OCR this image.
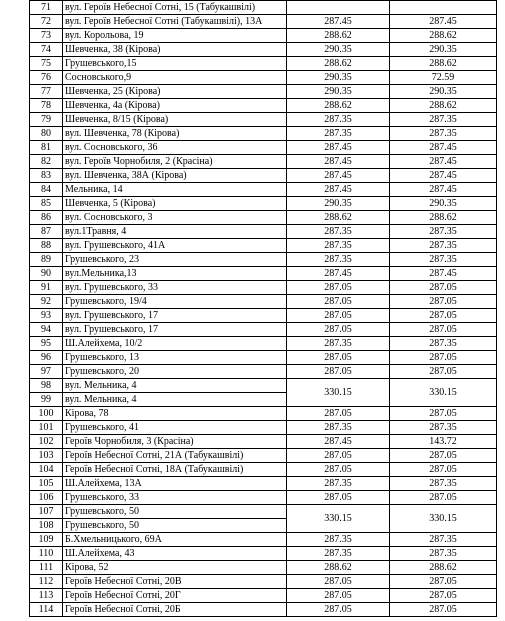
71	вул. Героїв Небесної Сотні, 15 (Табукашвілі)		
72	вул. Героїв Небесної Сотні (Табукашвілі), 13А	287.45	287.45
73	вул. Корольова, 19	288.62	288.62
74	Шевченка, 38 (Кірова)	290.35	290.35
75	Грушевського,15	288.62	288.62
76	Сосновського,9	290.35	72.59
77	Шевченка, 25 (Кірова)	290.35	290.35
78	Шевченка, 4а (Кірова)	288.62	288.62
79	Шевченка, 8/15 (Кірова)	287.35	287.35
80	вул. Шевченка, 78 (Кірова)	287.35	287.35
81	вул. Сосновського, 36	287.45	287.45
82	вул. Героїв Чорнобиля, 2 (Красіна)	287.45	287.45
83	вул. Шевченка, 38А (Кірова)	287.45	287.45
84	Мельника, 14	287.45	287.45
85	Шевченка, 5 (Кірова)	290.35	290.35
86	вул. Сосновського, 3	288.62	288.62
87	вул.1Травня, 4	287.35	287.35
88	вул. Грушевського, 41А	287.35	287.35
89	Грушевського, 23	287.35	287.35
90	вул.Мельника,13	287.45	287.45
91	вул. Грушевського, 33	287.05	287.05
92	Грушевського, 19/4	287.05	287.05
93	вул. Грушевського, 17	287.05	287.05
94	вул. Грушевського, 17	287.05	287.05
95	Ш.Алейхема, 10/2	287.35	287.35
96	Грушевського, 13	287.05	287.05
97	Грушевського, 20	287.05	287.05
98	вул. Мельника, 4	330.15	330.15
99	вул. Мельника, 4		
100	Кірова, 78	287.05	287.05
101	Грушевського, 41	287.35	287.35
102	Героїв Чорнобиля, 3 (Красіна)	287.45	143.72
103	Героїв Небесної Сотні, 21А (Табукашвілі)	287.05	287.05
104	Героїв Небесної Сотні, 18А (Табукашвілі)	287.05	287.05
105	Ш.Алейхема, 13А	287.35	287.35
106	Грушевського, 33	287.05	287.05
107	Грушевського, 50	330.15	330.15
108	Грушевського, 50		
109	Б.Хмельницького, 69А	287.35	287.35
110	Ш.Алейхема, 43	287.35	287.35
111	Кірова, 52	288.62	288.62
112	Героїв Небесної Сотні, 20В	287.05	287.05
113	Героїв Небесної Сотні, 20Г	287.05	287.05
114	Героїв Небесної Сотні, 20Б	287.05	287.05
